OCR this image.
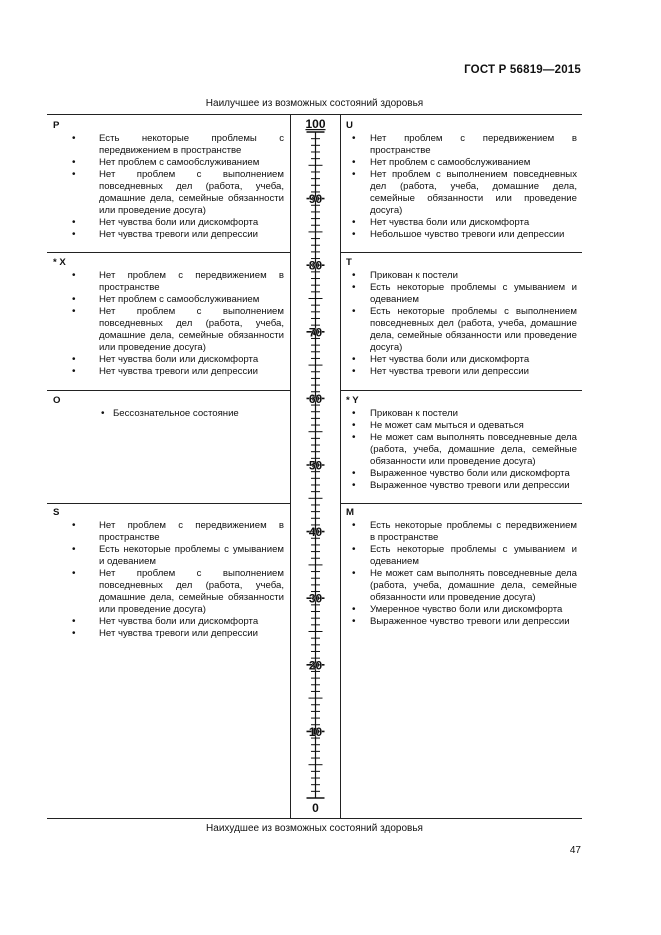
ГОСТ Р 56819—2015
Наилучшее из возможных состояний здоровья
P
• Есть некоторые проблемы с передвижением в пространстве
• Нет проблем с самообслуживанием
• Нет проблем с выполнением повседневных дел (работа, учеба, домашние дела, семейные обязанности или проведение досуга)
• Нет чувства боли или дискомфорта
• Нет чувства тревоги или депрессии
* X
• Нет проблем с передвижением в пространстве
• Нет проблем с самообслуживанием
• Нет проблем с выполнением повседневных дел (работа, учеба, домашние дела, семейные обязанности или проведение досуга)
• Нет чувства боли или дискомфорта
• Нет чувства тревоги или депрессии
O
• Бессознательное состояние
S
• Нет проблем с передвижением в пространстве
• Есть некоторые проблемы с умыванием и одеванием
• Нет проблем с выполнением повседневных дел (работа, учеба, домашние дела, семейные обязанности или проведение досуга)
• Нет чувства боли или дискомфорта
• Нет чувства тревоги или депрессии
U
• Нет проблем с передвижением в пространстве
• Нет проблем с самообслуживанием
• Нет проблем с выполнением повседневных дел (работа, учеба, домашние дела, семейные обязанности или проведение досуга)
• Нет чувства боли или дискомфорта
• Небольшое чувство тревоги или депрессии
T
• Прикован к постели
• Есть некоторые проблемы с умыванием и одеванием
• Есть некоторые проблемы с выполнением повседневных дел (работа, учеба, домашние дела, семейные обязанности или проведение досуга)
• Нет чувства боли или дискомфорта
• Нет чувства тревоги или депрессии
* Y
• Прикован к постели
• Не может сам мыться и одеваться
• Не может сам выполнять повседневные дела (работа, учеба, домашние дела, семейные обязанности или проведение досуга)
• Выраженное чувство боли или дискомфорта
• Выраженное чувство тревоги или депрессии
M
• Есть некоторые проблемы с передвижением в пространстве
• Есть некоторые проблемы с умыванием и одеванием
• Не может сам выполнять повседневные дела (работа, учеба, домашние дела, семейные обязанности или проведение досуга)
• Умеренное чувство боли или дискомфорта
• Выраженное чувство тревоги или депрессии
100
90
80
70
60
50
40
30
20
10
0
Наихудшее из возможных состояний здоровья
47
